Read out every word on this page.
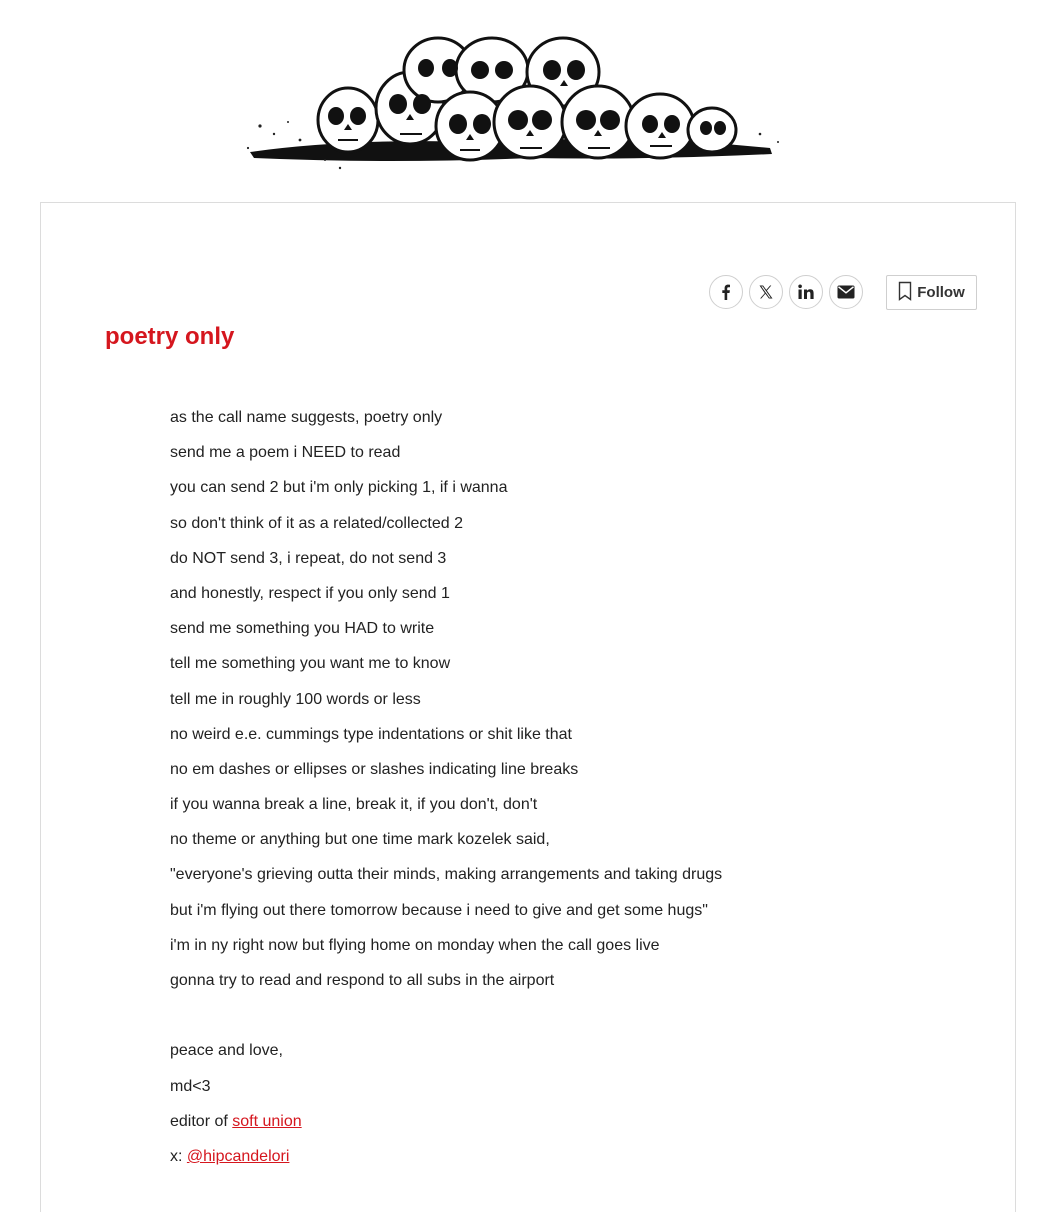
Follow
poetry only
as the call name suggests, poetry only
send me a poem i NEED to read
you can send 2 but i'm only picking 1, if i wanna
so don't think of it as a related/collected 2
do NOT send 3, i repeat, do not send 3
and honestly, respect if you only send 1
send me something you HAD to write
tell me something you want me to know
tell me in roughly 100 words or less
no weird e.e. cummings type indentations or shit like that
no em dashes or ellipses or slashes indicating line breaks
if you wanna break a line, break it, if you don't, don't
no theme or anything but one time mark kozelek said,
"everyone's grieving outta their minds, making arrangements and taking drugs
but i'm flying out there tomorrow because i need to give and get some hugs"
i'm in ny right now but flying home on monday when the call goes live
gonna try to read and respond to all subs in the airport
peace and love,
md<3
editor of soft union
x: @hipcandelori
